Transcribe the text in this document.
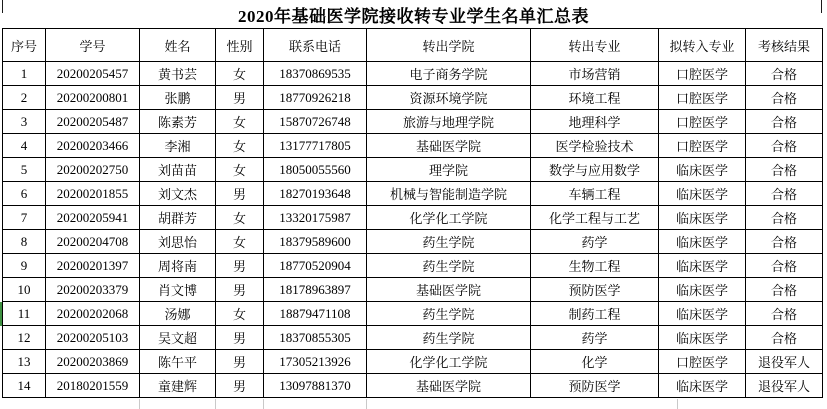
2020年基础医学院接收转专业学生名单汇总表
序号	学号	姓名	性别	联系电话	转出学院	转出专业	拟转入专业	考核结果
1	20200205457	黄书芸	女	18370869535	电子商务学院	市场营销	口腔医学	合格
2	20200200801	张鹏	男	18770926218	资源环境学院	环境工程	口腔医学	合格
3	20200205487	陈素芳	女	15870726748	旅游与地理学院	地理科学	口腔医学	合格
4	20200203466	李湘	女	13177717805	基础医学院	医学检验技术	口腔医学	合格
5	20200202750	刘苗苗	女	18050055560	理学院	数学与应用数学	临床医学	合格
6	20200201855	刘文杰	男	18270193648	机械与智能制造学院	车辆工程	临床医学	合格
7	20200205941	胡群芳	女	13320175987	化学化工学院	化学工程与工艺	临床医学	合格
8	20200204708	刘思怡	女	18379589600	药生学院	药学	临床医学	合格
9	20200201397	周将南	男	18770520904	药生学院	生物工程	临床医学	合格
10	20200203379	肖文博	男	18178963897	基础医学院	预防医学	临床医学	合格
11	20200202068	汤娜	女	18879471108	药生学院	制药工程	临床医学	合格
12	20200205103	吴文超	男	18370855305	药生学院	药学	临床医学	合格
13	20200203869	陈午平	男	17305213926	化学化工学院	化学	口腔医学	退役军人
14	20180201559	童建辉	男	13097881370	基础医学院	预防医学	临床医学	退役军人
